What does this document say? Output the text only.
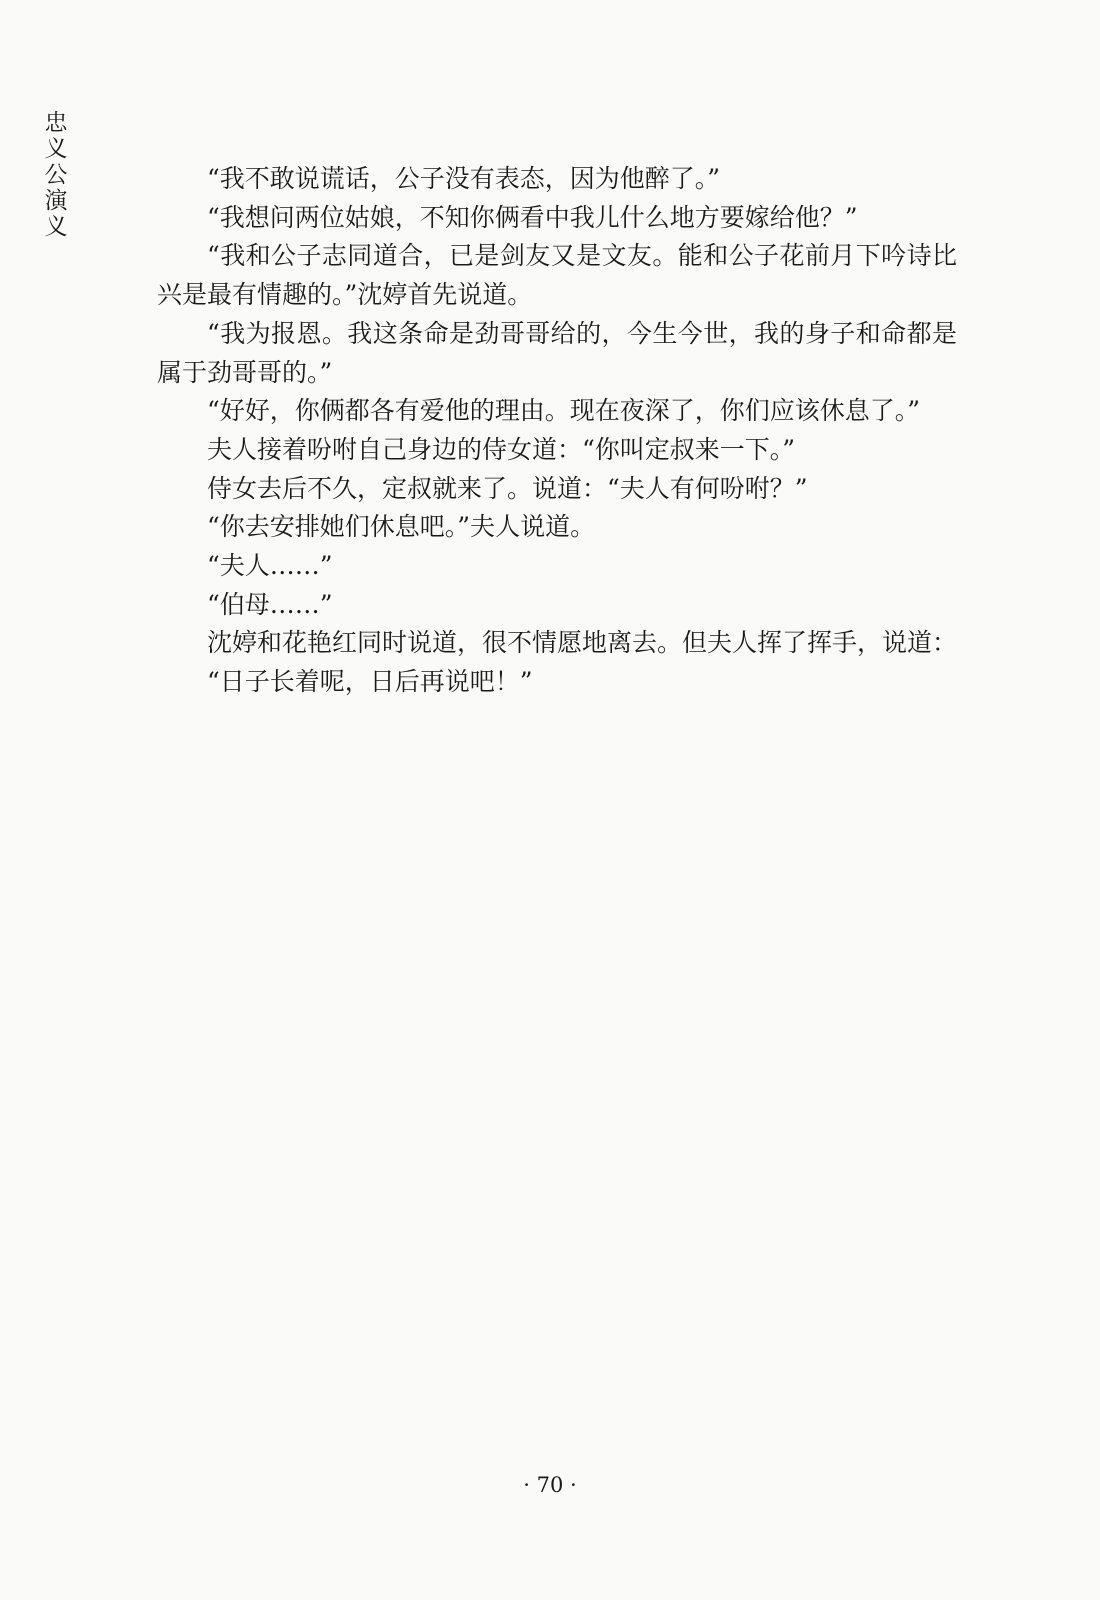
忠
义
公
演
义

“我不敢说谎话，公子没有表态，因为他醉了。”

“我想问两位姑娘，不知你俩看中我儿什么地方要嫁给他？”

“我和公子志同道合，已是剑友又是文友。能和公子花前月下吟诗比兴是最有情趣的。”沈婷首先说道。

“我为报恩。我这条命是劲哥哥给的，今生今世，我的身子和命都是属于劲哥哥的。”

“好好，你俩都各有爱他的理由。现在夜深了，你们应该休息了。”

夫人接着吩咐自己身边的侍女道：“你叫定叔来一下。”

侍女去后不久，定叔就来了。说道：“夫人有何吩咐？”

“你去安排她们休息吧。”夫人说道。

“夫人……”

“伯母……”

沈婷和花艳红同时说道，很不情愿地离去。但夫人挥了挥手，说道：

“日子长着呢，日后再说吧！”

· 70 ·
